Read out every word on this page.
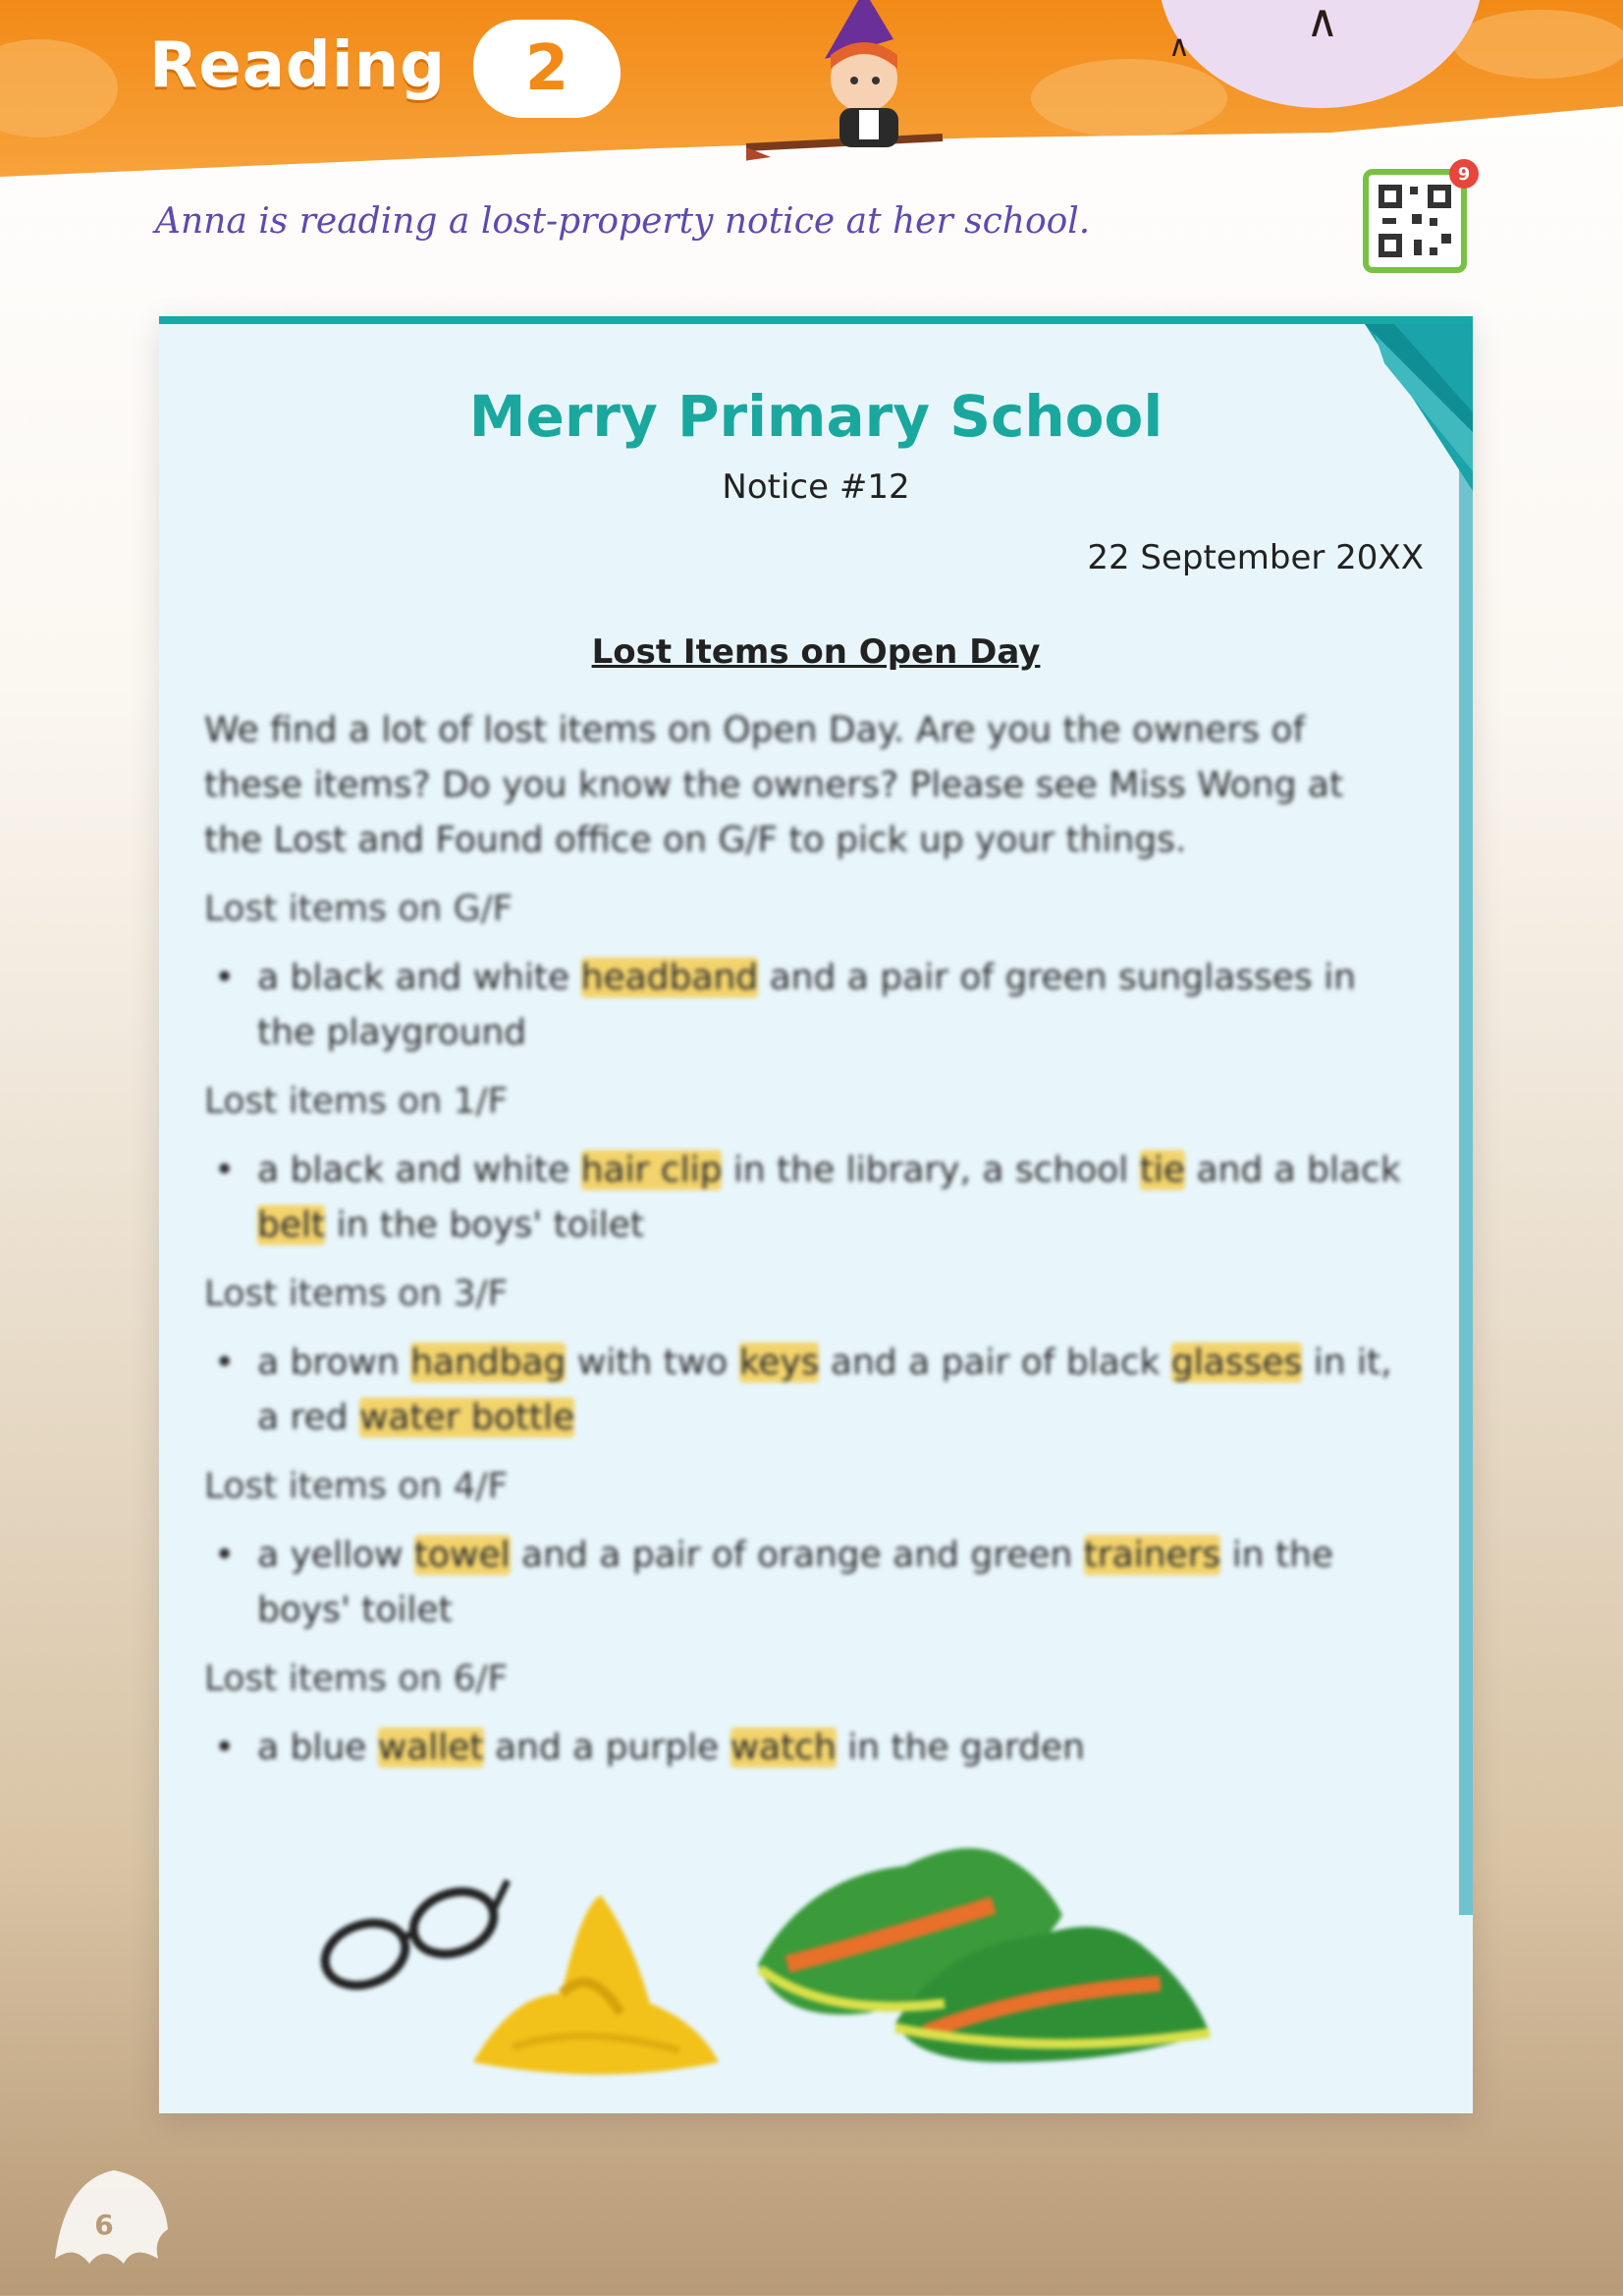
∧
∧
Reading	2

Anna is reading a lost-property notice at her school.

9
Merry Primary School
Notice #12
22 September 20XX
Lost Items on Open Day

We find a lot of lost items on Open Day. Are you the owners of these items? Do you know the owners? Please see Miss Wong at the Lost and Found office on G/F to pick up your things.

Lost items on G/F
• a black and white headband and a pair of green sunglasses in the playground
Lost items on 1/F
• a black and white hair clip in the library, a school tie and a black belt in the boys' toilet
Lost items on 3/F
• a brown handbag with two keys and a pair of black glasses in it, a red water bottle
Lost items on 4/F
• a yellow towel and a pair of orange and green trainers in the boys' toilet
Lost items on 6/F
• a blue wallet and a purple watch in the garden
6
